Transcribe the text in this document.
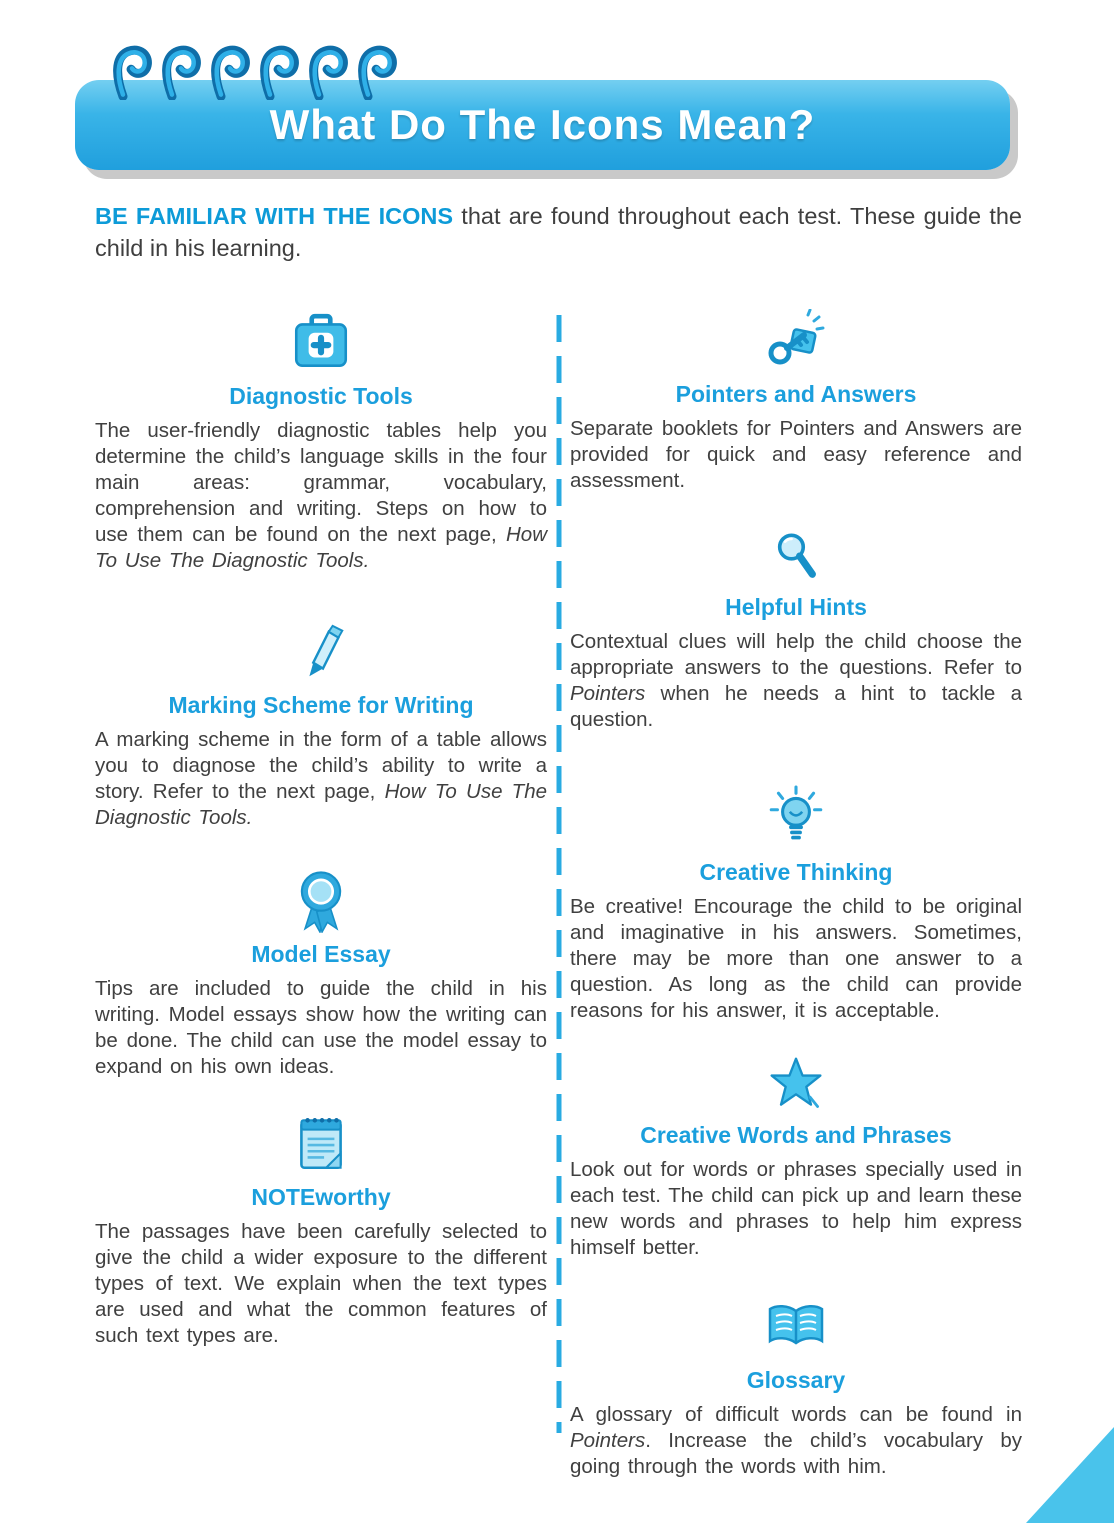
What Do The Icons Mean?

BE FAMILIAR WITH THE ICONS that are found throughout each test. These guide the child in his learning.

Diagnostic Tools

The user-friendly diagnostic tables help you determine the child’s language skills in the four main areas: grammar, vocabulary, comprehension and writing. Steps on how to use them can be found on the next page, How To Use The Diagnostic Tools.

Marking Scheme for Writing

A marking scheme in the form of a table allows you to diagnose the child’s ability to write a story. Refer to the next page, How To Use The Diagnostic Tools.

Model Essay

Tips are included to guide the child in his writing. Model essays show how the writing can be done. The child can use the model essay to expand on his own ideas.

NOTEworthy

The passages have been carefully selected to give the child a wider exposure to the different types of text. We explain when the text types are used and what the common features of such text types are.

Pointers and Answers

Separate booklets for Pointers and Answers are provided for quick and easy reference and assessment.

Helpful Hints

Contextual clues will help the child choose the appropriate answers to the questions. Refer to Pointers when he needs a hint to tackle a question.

Creative Thinking

Be creative! Encourage the child to be original and imaginative in his answers. Sometimes, there may be more than one answer to a question. As long as the child can provide reasons for his answer, it is acceptable.

Creative Words and Phrases

Look out for words or phrases specially used in each test. The child can pick up and learn these new words and phrases to help him express himself better.

Glossary

A glossary of difficult words can be found in Pointers. Increase the child’s vocabulary by going through the words with him.
